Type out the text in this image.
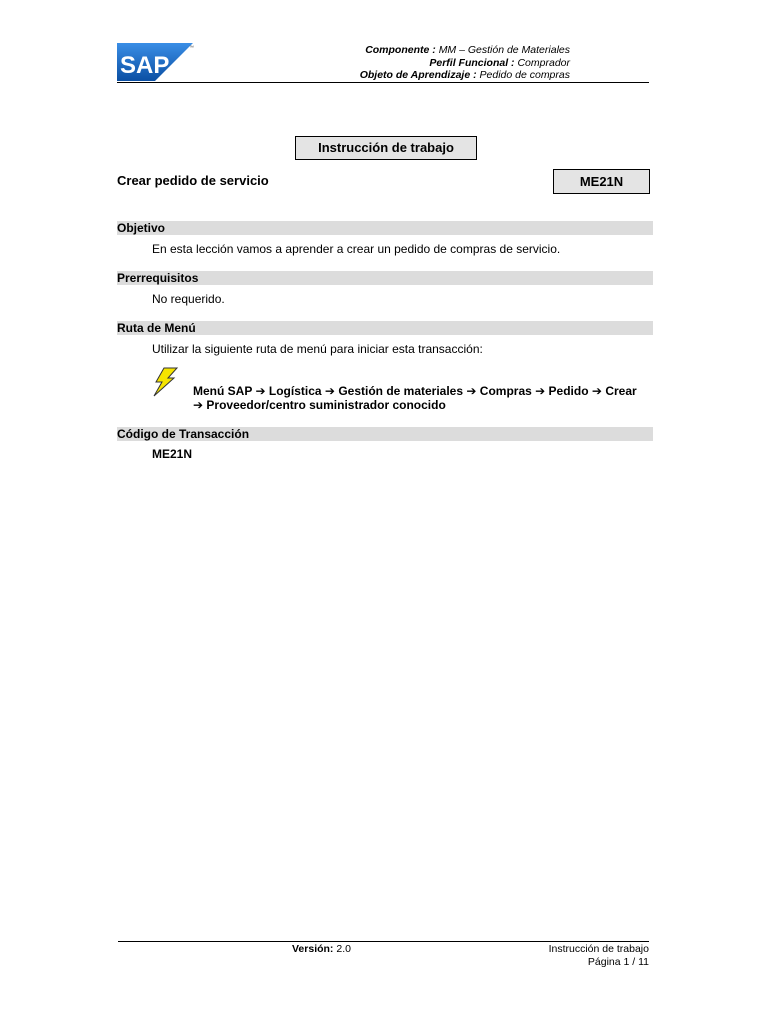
SAP
™	Componente : MM – Gestión de Materiales
Perfil Funcional : Comprador
Objeto de Aprendizaje : Pedido de compras
Instrucción de trabajo
Crear pedido de servicio	ME21N
Objetivo
En esta lección vamos a aprender a crear un pedido de compras de servicio.
Prerrequisitos
No requerido.
Ruta de Menú
Utilizar la siguiente ruta de menú para iniciar esta transacción:
Menú SAP ➔ Logística ➔ Gestión de materiales ➔ Compras ➔ Pedido ➔ Crear
➔ Proveedor/centro suministrador conocido
Código de Transacción
ME21N
Versión: 2.0	Instrucción de trabajo
Página 1 / 11
